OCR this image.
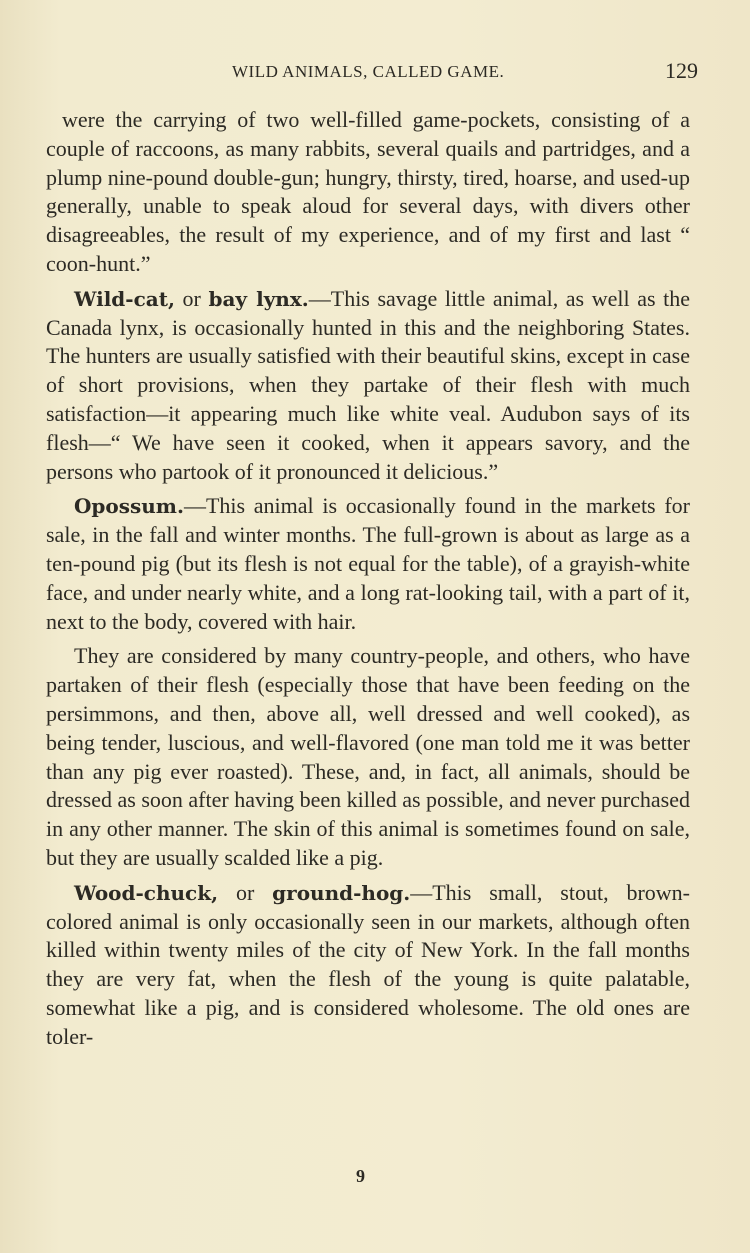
WILD ANIMALS, CALLED GAME.	129

were the carrying of two well-filled game-pockets, consisting of a couple of raccoons, as many rabbits, several quails and partridges, and a plump nine-pound double-gun; hungry, thirsty, tired, hoarse, and used-up generally, unable to speak aloud for several days, with divers other disagreeables, the result of my experience, and of my first and last “ coon-hunt.”

Wild-cat, or bay lynx.—This savage little animal, as well as the Canada lynx, is occasionally hunted in this and the neighboring States. The hunters are usually satisfied with their beautiful skins, except in case of short provisions, when they partake of their flesh with much satisfaction—it appearing much like white veal. Audubon says of its flesh—“ We have seen it cooked, when it appears savory, and the persons who partook of it pronounced it delicious.”

Opossum.—This animal is occasionally found in the markets for sale, in the fall and winter months. The full-grown is about as large as a ten-pound pig (but its flesh is not equal for the table), of a grayish-white face, and under nearly white, and a long rat-looking tail, with a part of it, next to the body, covered with hair.

They are considered by many country-people, and others, who have partaken of their flesh (especially those that have been feeding on the persimmons, and then, above all, well dressed and well cooked), as being tender, luscious, and well-flavored (one man told me it was better than any pig ever roasted). These, and, in fact, all animals, should be dressed as soon after having been killed as possible, and never purchased in any other manner. The skin of this animal is sometimes found on sale, but they are usually scalded like a pig.

Wood-chuck, or ground-hog.—This small, stout, brown-colored animal is only occasionally seen in our markets, although often killed within twenty miles of the city of New York. In the fall months they are very fat, when the flesh of the young is quite palatable, somewhat like a pig, and is considered wholesome. The old ones are toler-

9
